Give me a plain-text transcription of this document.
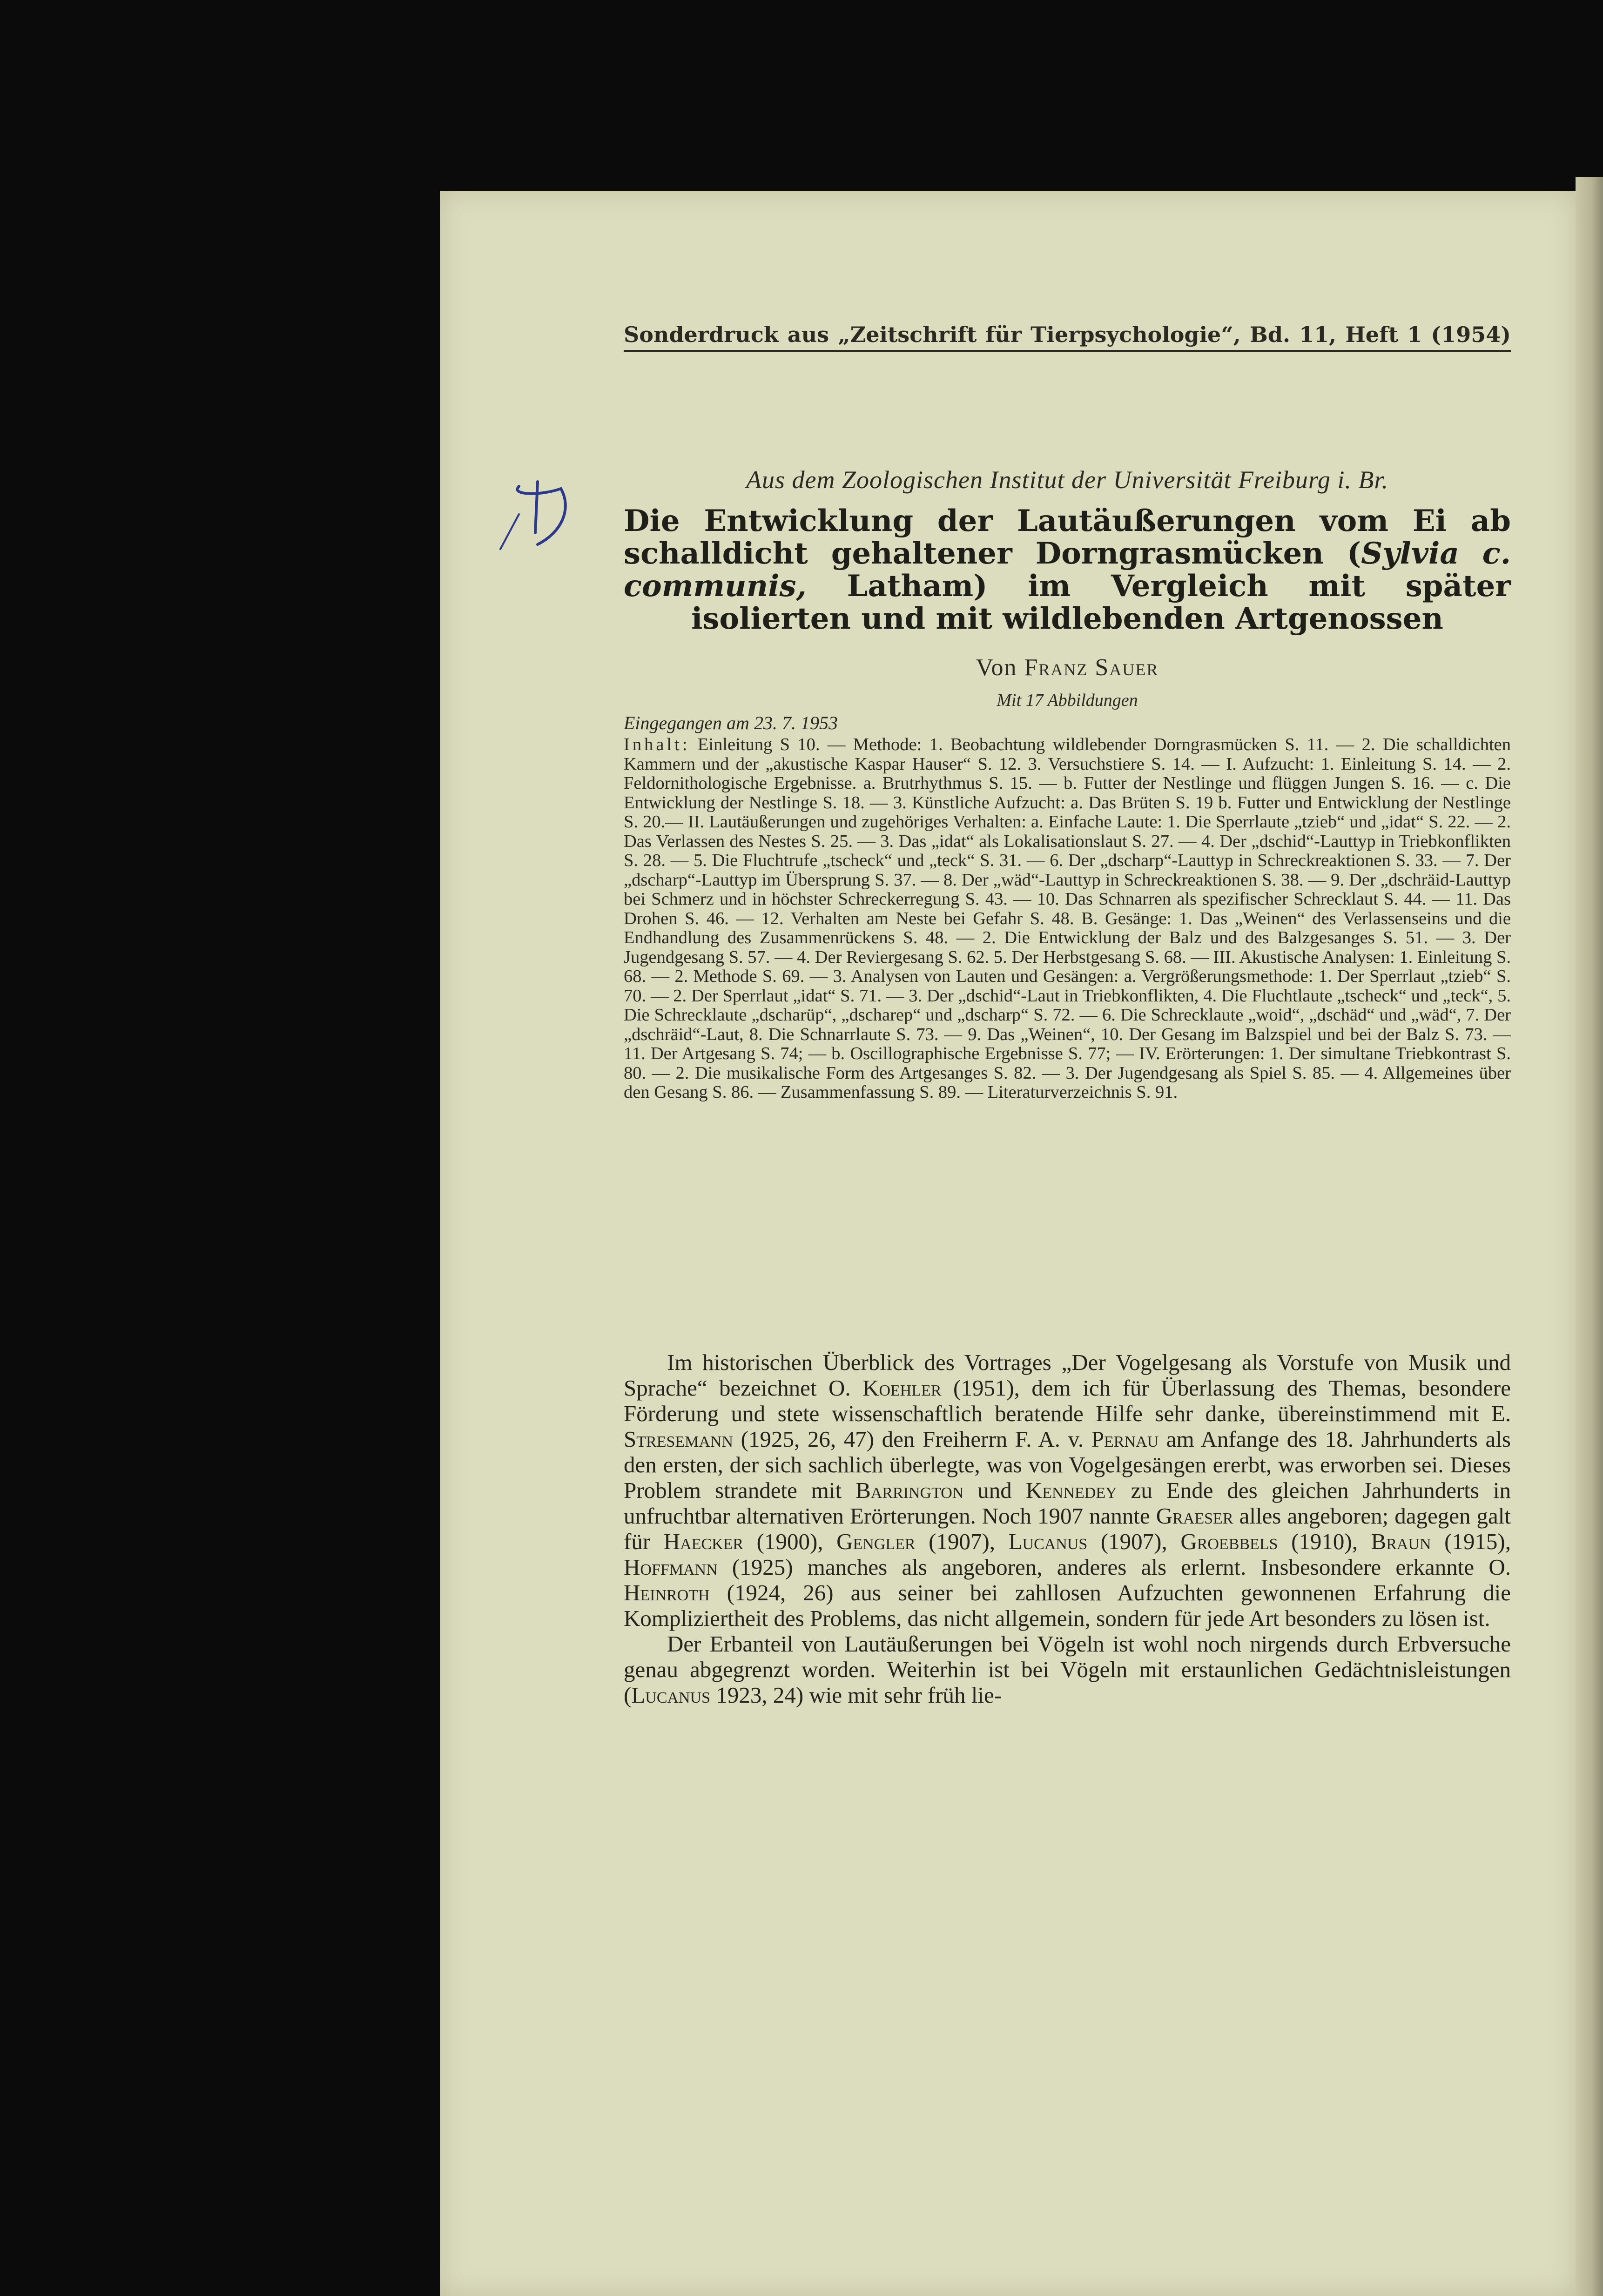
Sonderdruck aus „Zeitschrift für Tierpsychologie“, Bd. 11, Heft 1 (1954)
Aus dem Zoologischen Institut der Universität Freiburg i. Br.
Die Entwicklung der Lautäußerungen vom Ei ab schalldicht gehaltener Dorngrasmücken (Sylvia c. communis, Latham) im Vergleich mit später isolierten und mit wildlebenden Artgenossen
Von Franz Sauer
Mit 17 Abbildungen
Eingegangen am 23. 7. 1953
Inhalt: Einleitung S 10. — Methode: 1. Beobachtung wildlebender Dorngrasmücken S. 11. — 2. Die schalldichten Kammern und der „akustische Kaspar Hauser“ S. 12. 3. Versuchstiere S. 14. — I. Aufzucht: 1. Einleitung S. 14. — 2. Feldornithologische Ergebnisse. a. Brutrhythmus S. 15. — b. Futter der Nestlinge und flüggen Jungen S. 16. — c. Die Entwicklung der Nestlinge S. 18. — 3. Künstliche Aufzucht: a. Das Brüten S. 19 b. Futter und Entwicklung der Nestlinge S. 20.— II. Lautäußerungen und zugehöriges Verhalten: a. Einfache Laute: 1. Die Sperrlaute „tzieb“ und „idat“ S. 22. — 2. Das Verlassen des Nestes S. 25. — 3. Das „idat“ als Lokalisationslaut S. 27. — 4. Der „dschid“-Lauttyp in Triebkonflikten S. 28. — 5. Die Fluchtrufe „tscheck“ und „teck“ S. 31. — 6. Der „dscharp“-Lauttyp in Schreckreaktionen S. 33. — 7. Der „dscharp“-Lauttyp im Übersprung S. 37. — 8. Der „wäd“-Lauttyp in Schreckreaktionen S. 38. — 9. Der „dschräid-Lauttyp bei Schmerz und in höchster Schreckerregung S. 43. — 10. Das Schnarren als spezifischer Schrecklaut S. 44. — 11. Das Drohen S. 46. — 12. Verhalten am Neste bei Gefahr S. 48. B. Gesänge: 1. Das „Weinen“ des Verlassenseins und die Endhandlung des Zusammenrückens S. 48. — 2. Die Entwicklung der Balz und des Balzgesanges S. 51. — 3. Der Jugendgesang S. 57. — 4. Der Reviergesang S. 62. 5. Der Herbstgesang S. 68. — III. Akustische Analysen: 1. Einleitung S. 68. — 2. Methode S. 69. — 3. Analysen von Lauten und Gesängen: a. Vergrößerungsmethode: 1. Der Sperrlaut „tzieb“ S. 70. — 2. Der Sperrlaut „idat“ S. 71. — 3. Der „dschid“-Laut in Triebkonflikten, 4. Die Fluchtlaute „tscheck“ und „teck“, 5. Die Schrecklaute „dscharüp“, „dscharep“ und „dscharp“ S. 72. — 6. Die Schrecklaute „woid“, „dschäd“ und „wäd“, 7. Der „dschräid“-Laut, 8. Die Schnarrlaute S. 73. — 9. Das „Weinen“, 10. Der Gesang im Balzspiel und bei der Balz S. 73. — 11. Der Artgesang S. 74; — b. Oscillographische Ergebnisse S. 77; — IV. Erörterungen: 1. Der simultane Triebkontrast S. 80. — 2. Die musikalische Form des Artgesanges S. 82. — 3. Der Jugendgesang als Spiel S. 85. — 4. Allgemeines über den Gesang S. 86. — Zusammenfassung S. 89. — Literaturverzeichnis S. 91.

Im historischen Überblick des Vortrages „Der Vogelgesang als Vorstufe von Musik und Sprache“ bezeichnet O. Koehler (1951), dem ich für Überlassung des Themas, besondere Förderung und stete wissenschaftlich beratende Hilfe sehr danke, übereinstimmend mit E. Stresemann (1925, 26, 47) den Freiherrn F. A. v. Pernau am Anfange des 18. Jahrhunderts als den ersten, der sich sachlich überlegte, was von Vogelgesängen ererbt, was erworben sei. Dieses Problem strandete mit Barrington und Kennedey zu Ende des gleichen Jahrhunderts in unfruchtbar alternativen Erörterungen. Noch 1907 nannte Graeser alles angeboren; dagegen galt für Haecker (1900), Gengler (1907), Lucanus (1907), Groebbels (1910), Braun (1915), Hoffmann (1925) manches als angeboren, anderes als erlernt. Insbesondere erkannte O. Heinroth (1924, 26) aus seiner bei zahllosen Aufzuchten gewonnenen Erfahrung die Kompliziertheit des Problems, das nicht allgemein, sondern für jede Art besonders zu lösen ist.

Der Erbanteil von Lautäußerungen bei Vögeln ist wohl noch nirgends durch Erbversuche genau abgegrenzt worden. Weiterhin ist bei Vögeln mit erstaunlichen Gedächtnisleistungen (Lucanus 1923, 24) wie mit sehr früh lie-
